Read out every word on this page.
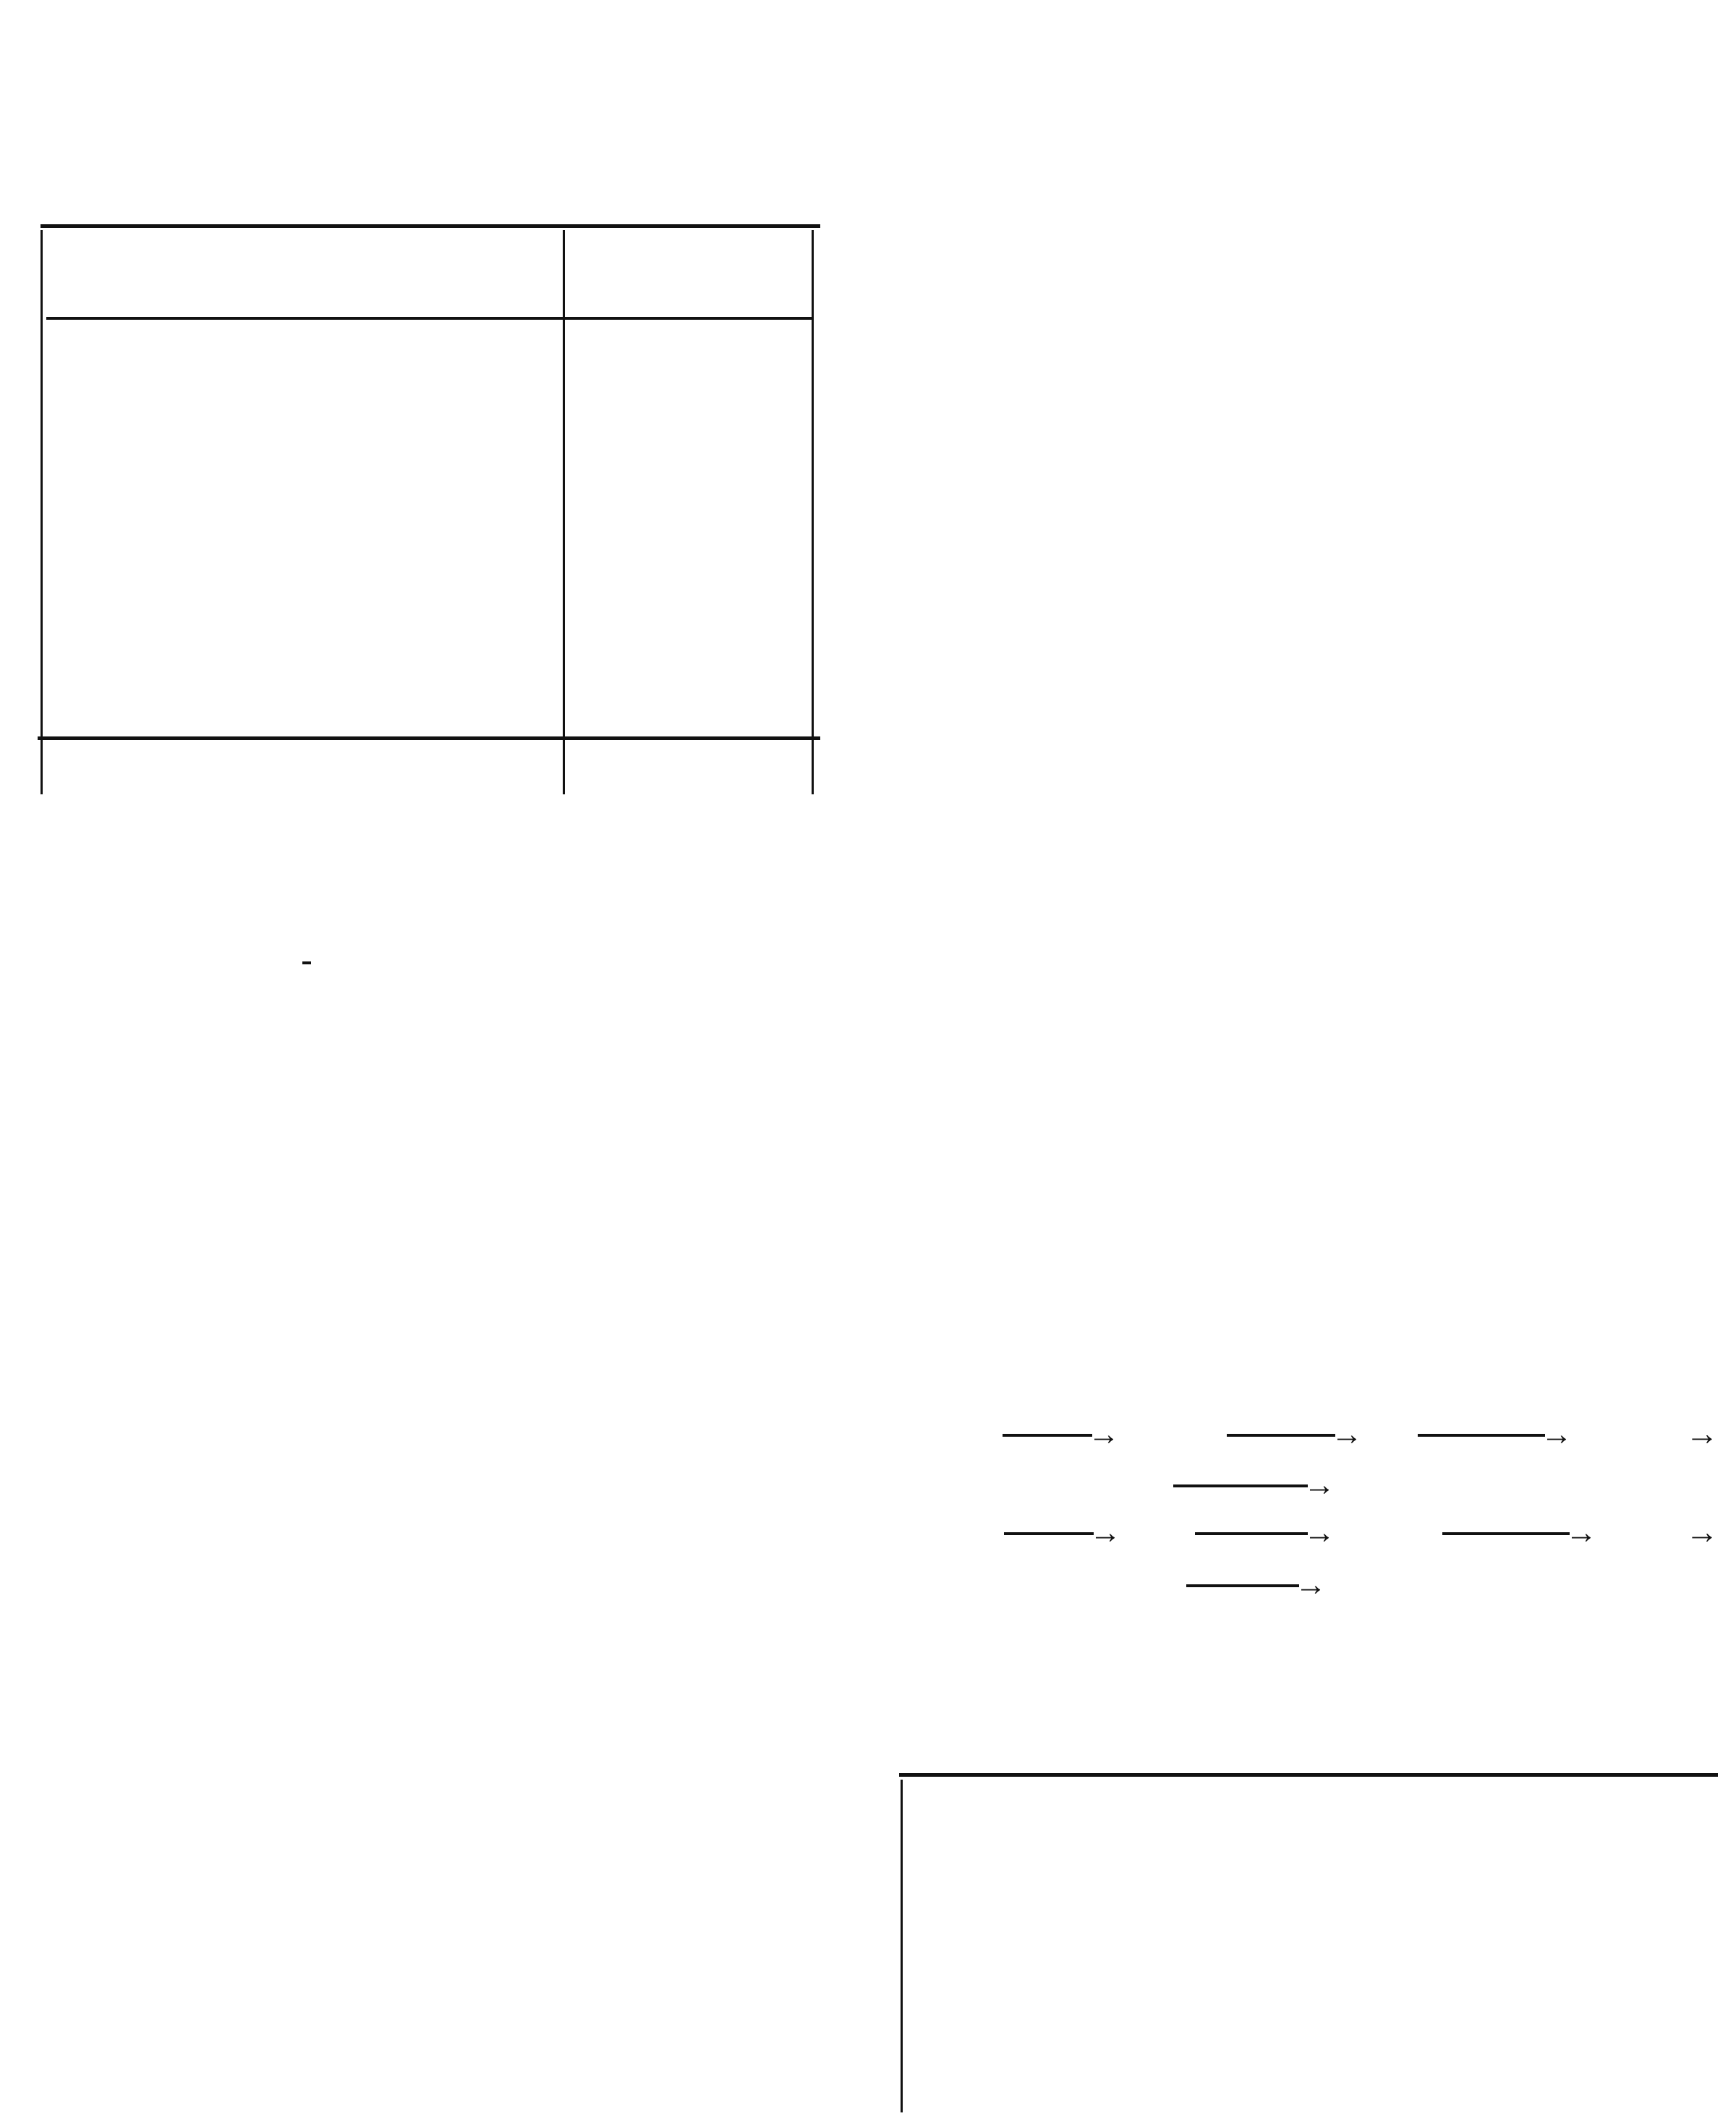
→	→	→	→
→
→	→	→	→
→
